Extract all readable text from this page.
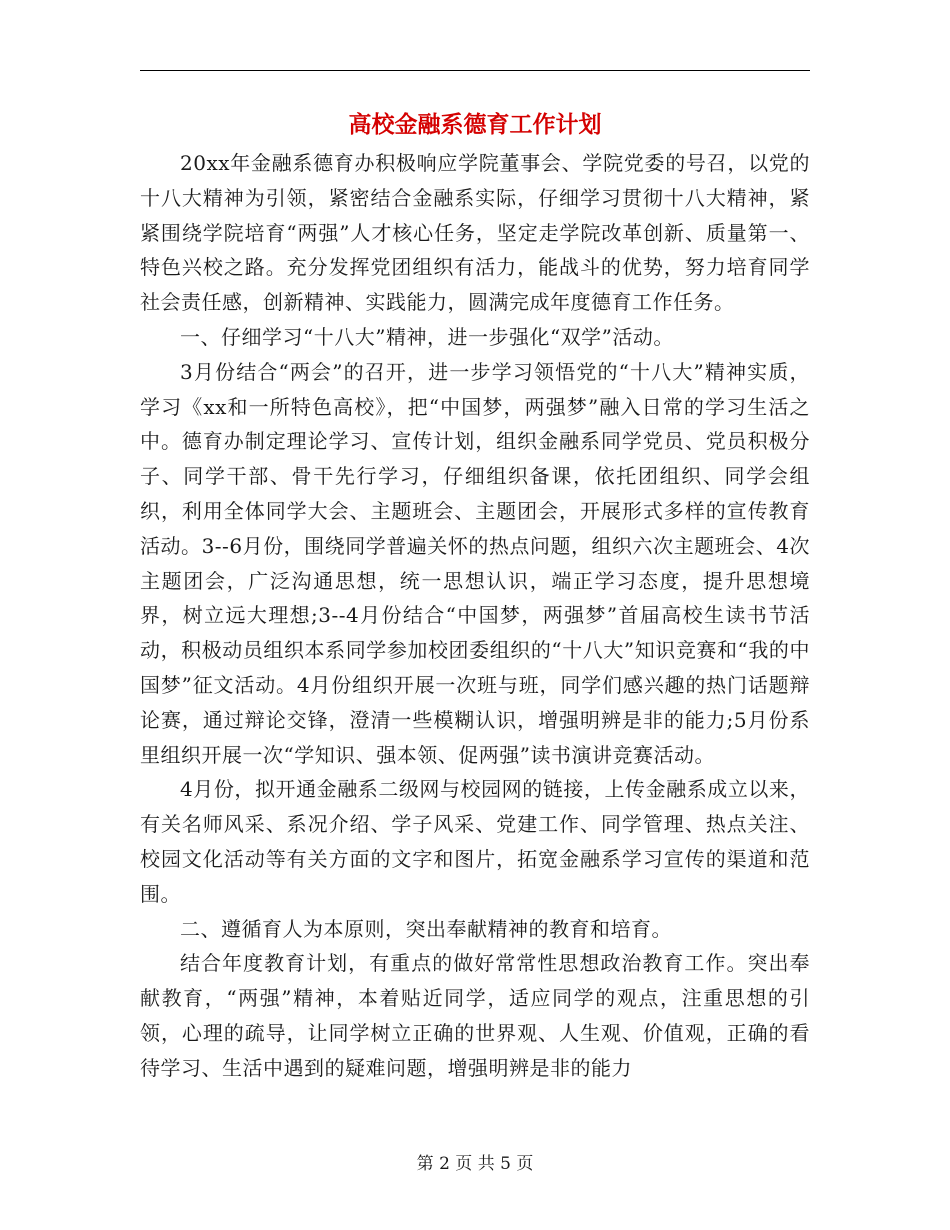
高校金融系德育工作计划

20xx年金融系德育办积极响应学院董事会、学院党委的号召，以党的十八大精神为引领，紧密结合金融系实际，仔细学习贯彻十八大精神，紧紧围绕学院培育“两强”人才核心任务，坚定走学院改革创新、质量第一、特色兴校之路。充分发挥党团组织有活力，能战斗的优势，努力培育同学社会责任感，创新精神、实践能力，圆满完成年度德育工作任务。

一、仔细学习“十八大”精神，进一步强化“双学”活动。

3月份结合“两会”的召开，进一步学习领悟党的“十八大”精神实质，学习《xx和一所特色高校》，把“中国梦，两强梦”融入日常的学习生活之中。德育办制定理论学习、宣传计划，组织金融系同学党员、党员积极分子、同学干部、骨干先行学习，仔细组织备课，依托团组织、同学会组织，利用全体同学大会、主题班会、主题团会，开展形式多样的宣传教育活动。3--6月份，围绕同学普遍关怀的热点问题，组织六次主题班会、4次主题团会，广泛沟通思想，统一思想认识，端正学习态度，提升思想境界，树立远大理想;3--4月份结合“中国梦，两强梦”首届高校生读书节活动，积极动员组织本系同学参加校团委组织的“十八大”知识竞赛和“我的中国梦”征文活动。4月份组织开展一次班与班，同学们感兴趣的热门话题辩论赛，通过辩论交锋，澄清一些模糊认识，增强明辨是非的能力;5月份系里组织开展一次“学知识、强本领、促两强”读书演讲竞赛活动。

4月份，拟开通金融系二级网与校园网的链接，上传金融系成立以来，有关名师风采、系况介绍、学子风采、党建工作、同学管理、热点关注、校园文化活动等有关方面的文字和图片，拓宽金融系学习宣传的渠道和范围。

二、遵循育人为本原则，突出奉献精神的教育和培育。

结合年度教育计划，有重点的做好常常性思想政治教育工作。突出奉献教育，“两强”精神，本着贴近同学，适应同学的观点，注重思想的引领，心理的疏导，让同学树立正确的世界观、人生观、价值观，正确的看待学习、生活中遇到的疑难问题，增强明辨是非的能力

第 2 页 共 5 页
